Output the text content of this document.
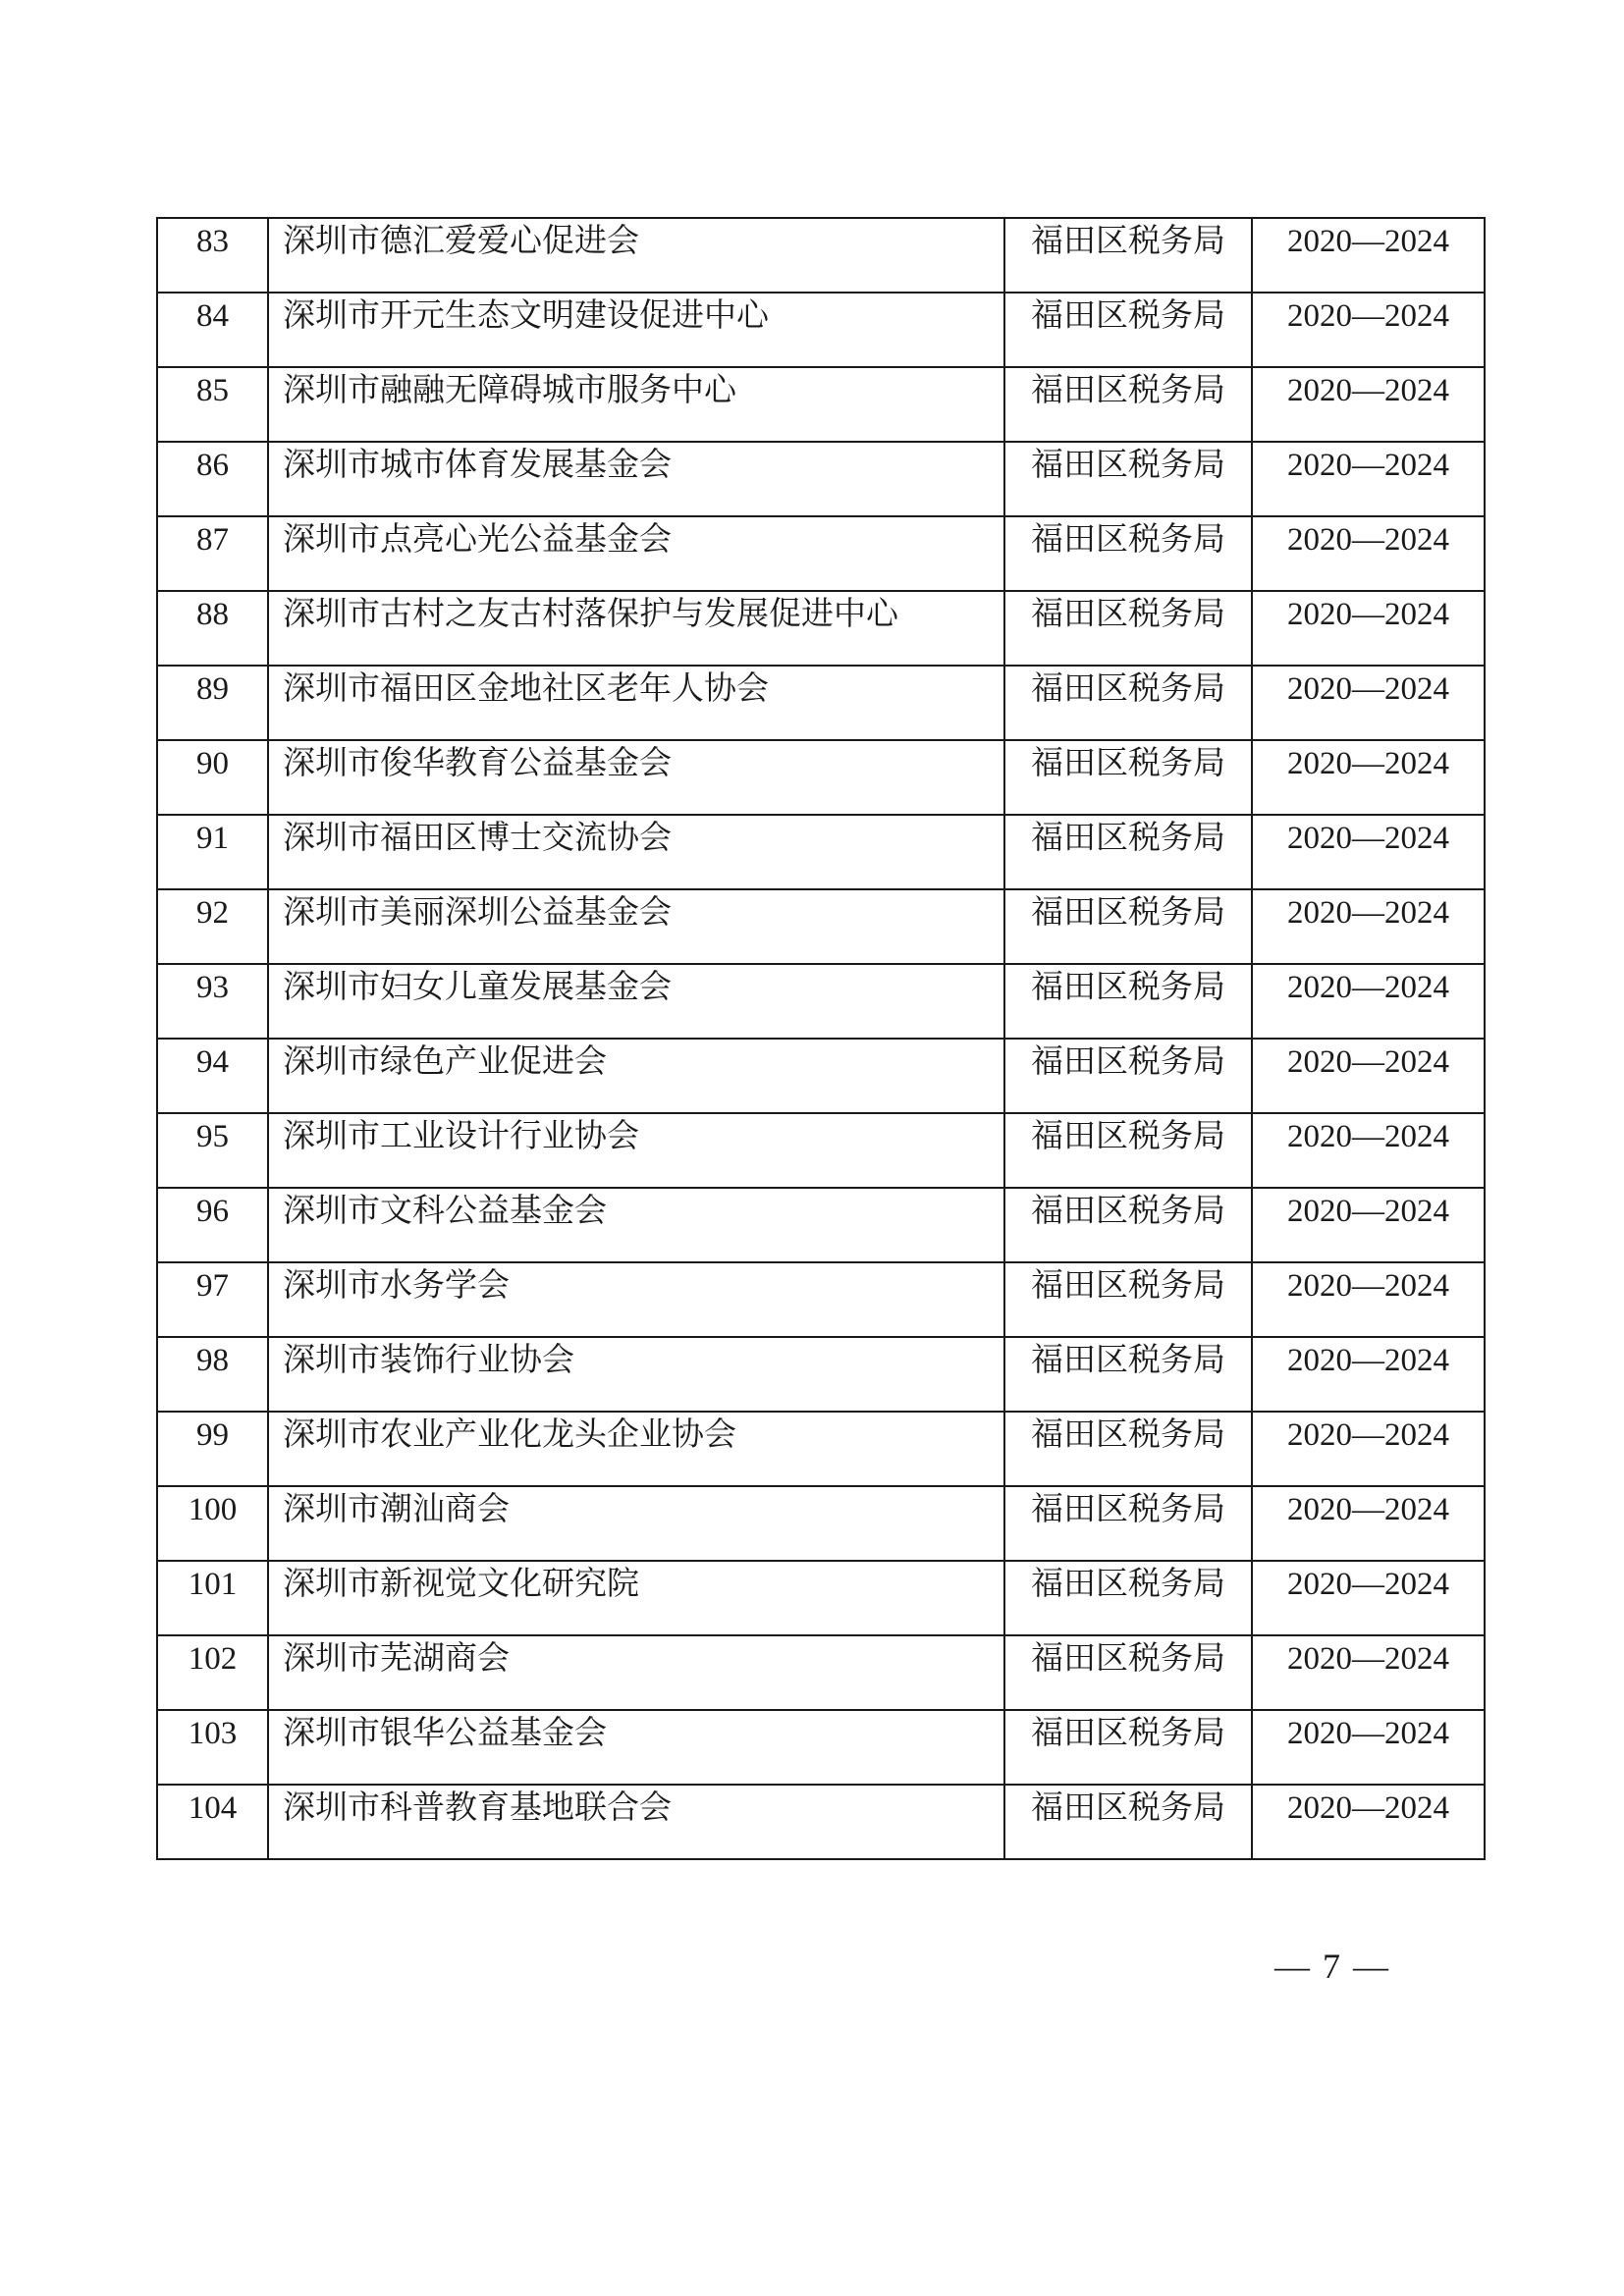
83	深圳市德汇爱爱心促进会	福田区税务局	2020—2024
84	深圳市开元生态文明建设促进中心	福田区税务局	2020—2024
85	深圳市融融无障碍城市服务中心	福田区税务局	2020—2024
86	深圳市城市体育发展基金会	福田区税务局	2020—2024
87	深圳市点亮心光公益基金会	福田区税务局	2020—2024
88	深圳市古村之友古村落保护与发展促进中心	福田区税务局	2020—2024
89	深圳市福田区金地社区老年人协会	福田区税务局	2020—2024
90	深圳市俊华教育公益基金会	福田区税务局	2020—2024
91	深圳市福田区博士交流协会	福田区税务局	2020—2024
92	深圳市美丽深圳公益基金会	福田区税务局	2020—2024
93	深圳市妇女儿童发展基金会	福田区税务局	2020—2024
94	深圳市绿色产业促进会	福田区税务局	2020—2024
95	深圳市工业设计行业协会	福田区税务局	2020—2024
96	深圳市文科公益基金会	福田区税务局	2020—2024
97	深圳市水务学会	福田区税务局	2020—2024
98	深圳市装饰行业协会	福田区税务局	2020—2024
99	深圳市农业产业化龙头企业协会	福田区税务局	2020—2024
100	深圳市潮汕商会	福田区税务局	2020—2024
101	深圳市新视觉文化研究院	福田区税务局	2020—2024
102	深圳市芜湖商会	福田区税务局	2020—2024
103	深圳市银华公益基金会	福田区税务局	2020—2024
104	深圳市科普教育基地联合会	福田区税务局	2020—2024
— 7 —
